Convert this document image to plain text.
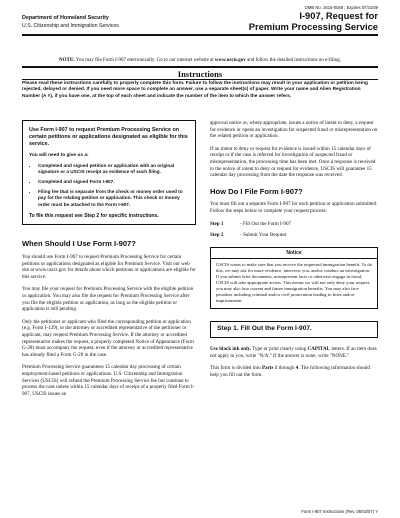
OMB No. 1615-0048 ; Expires 07/31/09
Department of Homeland Security
U.S. Citizenship and Immigration Services
I-907, Request for
Premium Processing Service
NOTE: You may file Form I-907 electronically. Go to our internet website at www.uscis.gov and follow the detailed instructions on e-filing.
Instructions
Please read these instructions carefully to properly complete this form. Failure to follow the instructions may result in your application or petition being rejected, delayed or denied. If you need more space to complete an answer, use a separate sheet(s) of paper. Write your name and Alien Registration Number (A #), if you have one, at the top of each sheet and indicate the number of the item to which the answer refers.
Use Form I-907 to request Premium Processing Service on certain petitions or applications designated as eligible for this service.
You will need to give us a:
• Completed and signed petition or application with an original signature or a USCIS receipt as evidence of such filing.
• Completed and signed Form I-907.
• Filing fee that is separate from the check or money order used to pay for the relating petition or application. This check or money order must be attached to the Form I-907.
To file this request see Step 2 for specific instructions.
When Should I Use Form I-907?

You should use Form I-907 to request Premium Processing Service for certain petitions or applications designated as eligible for Premium Service. Visit our web site at www.uscis.gov for details about which petitions or applications are eligible for this service.

You may file your request for Premium Processing Service with the eligible petition or application. You may also file the request for Premium Processing Service after you file the eligible petition or application, as long as the eligible petition or application is still pending.

Only the petitioner or applicant who filed the corresponding petition or application (e.g. Form I-129), or the attorney or accredited representative of the petitioner or applicant, may request Premium Processing Service. If the attorney or accredited representative makes the request, a properly completed Notice of Appearance (Form G-28) must accompany the request, even if the attorney or accredited representative has already filed a Form G-28 in the case.

Premium Processing Service guarantees 15 calendar day processing of certain employment-based petitions or applications. U.S. Citizenship and Immigration Services (USCIS) will refund the Premium Processing Service fee but continue to process the case unless within 15 calendar days of receipt of a properly filed Form I-907, USCIS issues an

approval notice or, where appropriate, issues a notice of intent to deny, a request for evidence or opens an investigation for suspected fraud or misrepresentation on the related petition or application.

If an intent to deny or request for evidence is issued within 15 calendar days of receipt or if the case is referred for investigation of suspected fraud or misrepresentation, the processing time has been met. Once a response is received to the notice of intent to deny or request for evidence, USCIS will guarantee 15 calendar day processing from the date the response was received.

How Do I File Form I-907?

You must fill out a separate Form I-907 for each petition or application submitted. Follow the steps below to complete your request process:

Step 1	- Fill Out the Form I-907
Step 2	- Submit Your Request
Notice
USCIS wants to make sure that you receive the requested immigration benefit. To do this, we may ask for more evidence, interview you, and/or conduct an investigation. If you submit false documents, misrepresent facts or otherwise engage in fraud, USCIS will take appropriate action. This means we will not only deny your request, you may also lose current and future immigration benefits. You may also face penalties including criminal and/or civil prosecution leading to fines and/or imprisonment.
Step 1. Fill Out the Form I-907.

Use black ink only. Type or print clearly using CAPITAL letters. If an item does not apply to you, write "N/A." If the answer is none, write "NONE."

This form is divided into Parts 1 through 4. The following information should help you fill out the form.

Form I-907 Instructions (Rev. 06/02/07) Y
